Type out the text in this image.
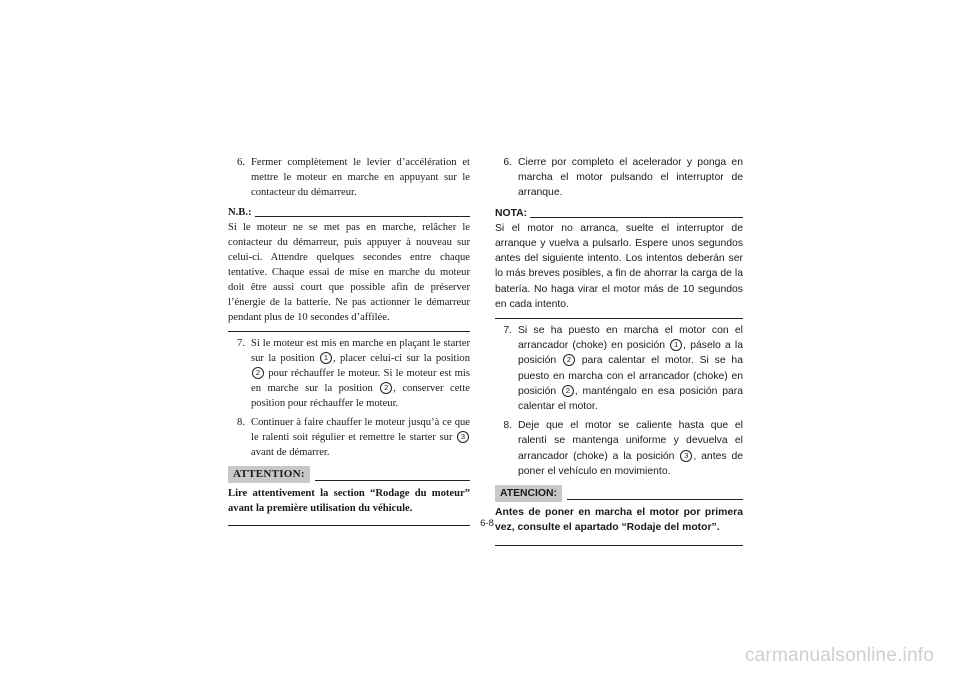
6. Fermer complètement le levier d’accélération et mettre le moteur en marche en appuyant sur le contacteur du démarreur.
N.B.:
Si le moteur ne se met pas en marche, relâcher le contacteur du démarreur, puis appuyer à nouveau sur celui-ci. Attendre quelques secondes entre chaque tentative. Chaque essai de mise en marche du moteur doit être aussi court que possible afin de préserver l’énergie de la batterie. Ne pas actionner le démarreur pendant plus de 10 secondes d’affilée.
7. Si le moteur est mis en marche en plaçant le starter sur la position 1 , placer celui-ci sur la position 2 pour réchauffer le moteur. Si le moteur est mis en marche sur la position 2 , conserver cette position pour réchauffer le moteur.
8. Continuer à faire chauffer le moteur jusqu’à ce que le ralenti soit régulier et remettre le starter sur 3 avant de démarrer.
ATTENTION:
Lire attentivement la section “Rodage du moteur” avant la première utilisation du véhicule.
6. Cierre por completo el acelerador y ponga en marcha el motor pulsando el interruptor de arranque.
NOTA:
Si el motor no arranca, suelte el interruptor de arranque y vuelva a pulsarlo. Espere unos segundos antes del siguiente intento. Los intentos deberán ser lo más breves posibles, a fin de ahorrar la carga de la batería. No haga virar el motor más de 10 segundos en cada intento.
7. Si se ha puesto en marcha el motor con el arrancador (choke) en posición 1 , páselo a la posición 2 para calentar el motor. Si se ha puesto en marcha con el arrancador (choke) en posición 2 , manténgalo en esa posición para calentar el motor.
8. Deje que el motor se caliente hasta que el ralentí se mantenga uniforme y devuelva el arrancador (choke) a la posición 3 , antes de poner el vehículo en movimiento.
ATENCION:
Antes de poner en marcha el motor por primera vez, consulte el apartado “Rodaje del motor”.
6-8
carmanualsonline.info
